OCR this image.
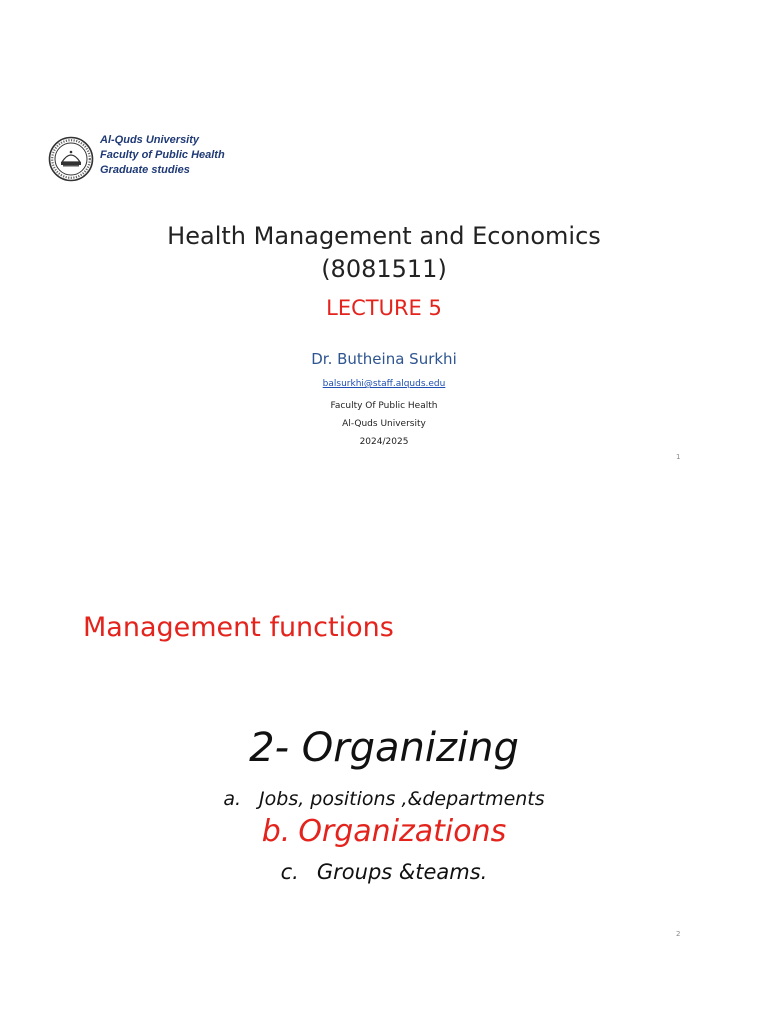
Al-Quds University
Faculty of Public Health
Graduate studies
Health Management and Economics
(8081511)
LECTURE 5
Dr. Butheina Surkhi
balsurkhi@staff.alquds.edu
Faculty Of Public Health
Al-Quds University
2024/2025
1
Management functions
2- Organizing
a. Jobs, positions ,&departments
b. Organizations
c. Groups &teams.
2
